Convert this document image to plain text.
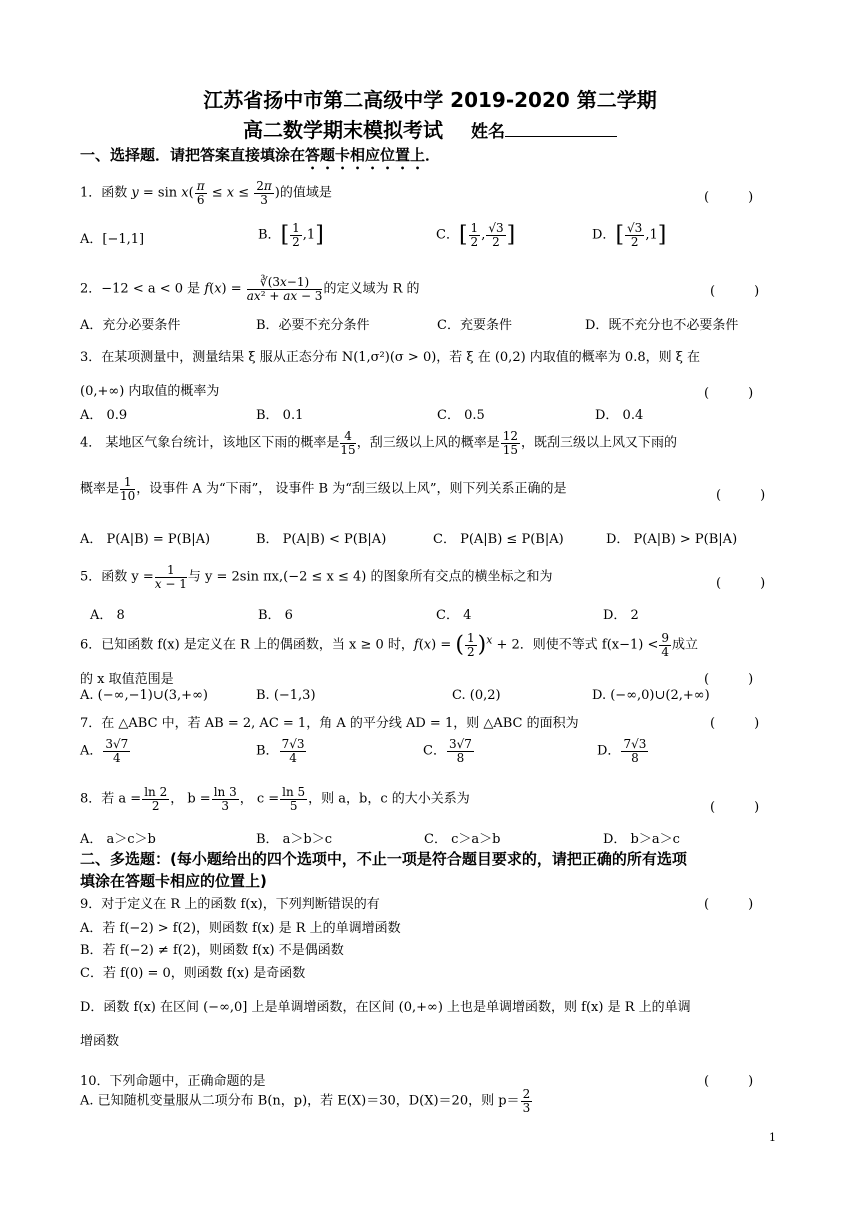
江苏省扬中市第二高级中学 2019-2020 第二学期
高二数学期末模拟考试 姓名
一、选择题．请把答案直接填涂在答题卡相应位置上．
1．函数 $y = \sin x( \frac{\pi}{6} \le x \le \frac{2\pi}{3}$ )的值域是	(　　　)
A．[−1,1]	B．[ $\frac{1}{2} ,1$]	C．[ $\frac{1}{2}$ , $\frac{√3}{2}$ ]	D．[ $\frac{√3}{2} ,1$]
2．−12 < a < 0 是 $f(x) = \frac{∛(3x-1)}{\text{ax² + ax − 3}}$ 的定义域为 R 的	(　　　)
A．充分必要条件	B．必要不充分条件	C．充要条件	D．既不充分也不必要条件
3．在某项测量中，测量结果 ξ 服从正态分布 N(1,σ²)(σ > 0)，若 ξ 在 (0,2) 内取值的概率为 0.8，则 ξ 在
(0,+∞) 内取值的概率为	(　　　)
A． 0.9	B． 0.1	C． 0.5	D． 0.4
4． 某地区气象台统计，该地区下雨的概率是 $\frac{4}{15}$ ，刮三级以上风的概率是 $\frac{12}{15}$ ，既刮三级以上风又下雨的
概率是 $\frac{1}{10}$ ，设事件 A 为“下雨”， 设事件 B 为“刮三级以上风”，则下列关系正确的是	(　　　)
A． P(A|B) = P(B|A)	B． P(A|B) < P(B|A)	C． P(A|B) ≤ P(B|A)	D． P(A|B) > P(B|A)
5．函数 $y = \frac{1}{x - 1}$ 与 y = 2sin πx,(−2 ≤ x ≤ 4) 的图象所有交点的横坐标之和为	(　　　)
A． 8	B． 6	C． 4	D． 2
6．已知函数 f(x) 是定义在 R 上的偶函数，当 x ≥ 0 时，f(x) = ( $\frac{1}{2} )^x + 2$．则使不等式 $f(x-1) < \frac{9}{4}$ 成立
的 x 取值范围是	(　　　)
A. (−∞,−1)∪(3,+∞)	B. (−1,3)	C. (0,2)	D. (−∞,0)∪(2,+∞)
7．在 △ABC 中，若 AB = 2, AC = 1，角 A 的平分线 AD = 1，则 △ABC 的面积为	(　　　)
A． $\frac{3√7}{4}$	B． $\frac{7√3}{4}$	C． $\frac{3√7}{8}$	D． $\frac{7√3}{8}$
8．若 $a = \frac{\ln 2}{2}$ ， $b = \frac{\ln 3}{3}$ ， $c = \frac{\ln 5}{5}$ ，则 a，b，c 的大小关系为
(　　　)
A． a＞c＞b	B． a＞b＞c	C． c＞a＞b	D． b＞a＞c
二、多选题：(每小题给出的四个选项中，不止一项是符合题目要求的，请把正确的所有选项
填涂在答题卡相应的位置上)
9．对于定义在 R 上的函数 f(x)，下列判断错误的有	(　　　)
A．若 f(−2) > f(2)，则函数 f(x) 是 R 上的单调增函数
B．若 f(−2) ≠ f(2)，则函数 f(x) 不是偶函数
C．若 f(0) = 0，则函数 f(x) 是奇函数
D．函数 f(x) 在区间 (−∞,0] 上是单调增函数，在区间 (0,+∞) 上也是单调增函数，则 f(x) 是 R 上的单调
增函数
10．下列命题中，正确命题的是	(　　　)
A. 已知随机变量服从二项分布 B(n，p)，若 E(X)＝30，D(X)＝20，则 $p= \frac{2}{3}$
1
